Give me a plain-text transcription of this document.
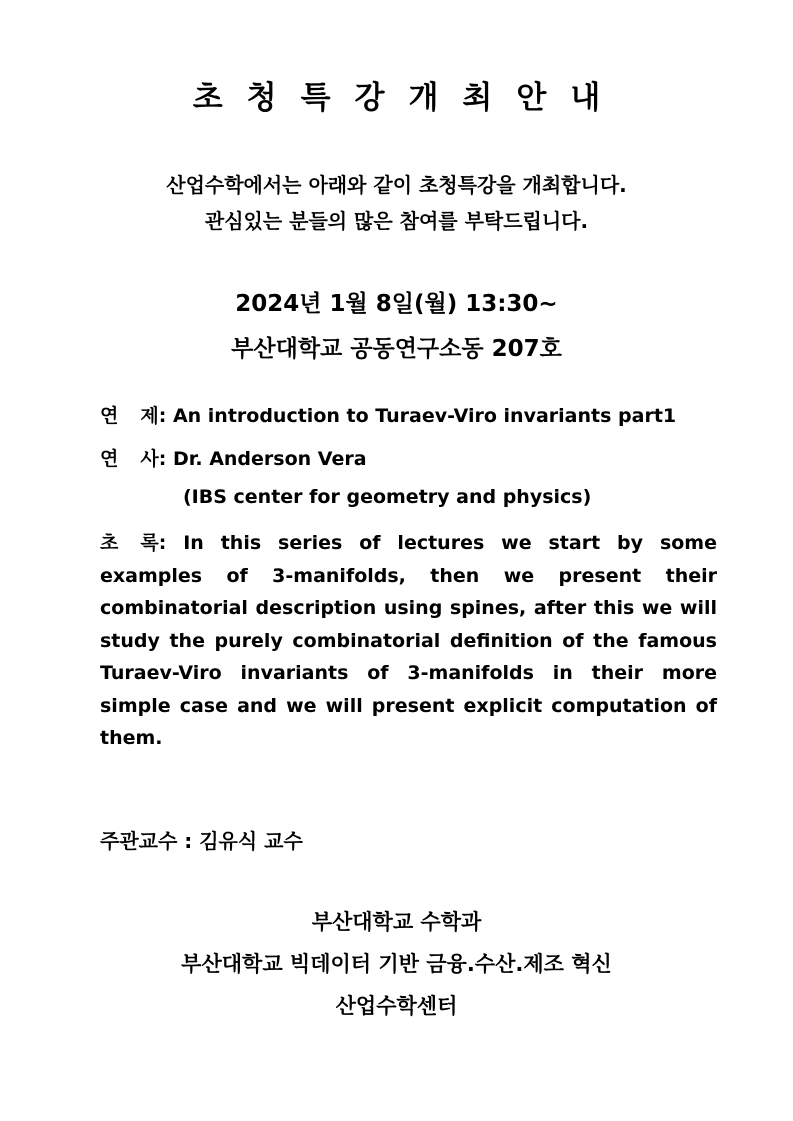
초청특강개최안내
산업수학에서는 아래와 같이 초청특강을 개최합니다.
관심있는 분들의 많은 참여를 부탁드립니다.
2024년 1월 8일(월) 13:30~
부산대학교 공동연구소동 207호
연 제: An introduction to Turaev-Viro invariants part1
연 사: Dr. Anderson Vera
(IBS center for geometry and physics)
초 록: In this series of lectures we start by some examples of 3-manifolds, then we present their combinatorial description using spines, after this we will study the purely combinatorial definition of the famous Turaev-Viro invariants of 3-manifolds in their more simple case and we will present explicit computation of them.
주관교수 : 김유식 교수
부산대학교 수학과
부산대학교 빅데이터 기반 금융.수산.제조 혁신
산업수학센터
